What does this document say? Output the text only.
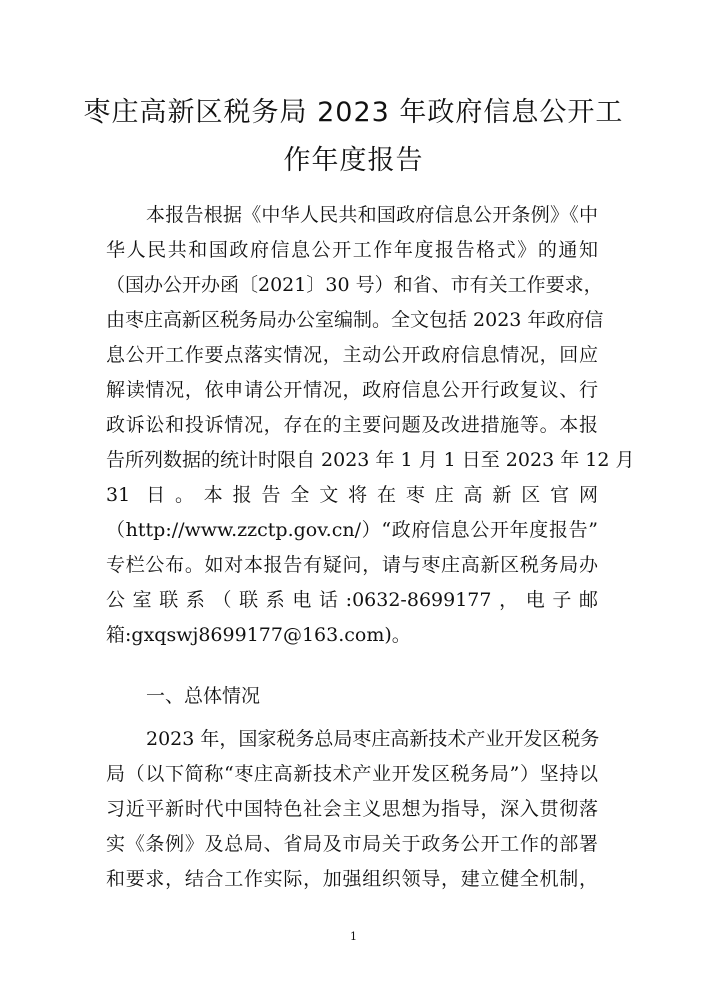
枣庄高新区税务局 2023 年政府信息公开工
作年度报告
本报告根据《中华人民共和国政府信息公开条例》《中
华人民共和国政府信息公开工作年度报告格式》的通知
（国办公开办函〔2021〕30 号）和省、市有关工作要求，
由枣庄高新区税务局办公室编制。全文包括 2023 年政府信
息公开工作要点落实情况，主动公开政府信息情况，回应
解读情况，依申请公开情况，政府信息公开行政复议、行
政诉讼和投诉情况，存在的主要问题及改进措施等。本报
告所列数据的统计时限自 2023 年 1 月 1 日至 2023 年 12 月
31 日。本报告全文将在枣庄高新区官网
（http://www.zzctp.gov.cn/）“政府信息公开年度报告”
专栏公布。如对本报告有疑问，请与枣庄高新区税务局办
公室联系（联系电话:0632-8699177，电子邮
箱:gxqswj8699177@163.com)。
一、总体情况
2023 年，国家税务总局枣庄高新技术产业开发区税务
局（以下简称“枣庄高新技术产业开发区税务局”）坚持以
习近平新时代中国特色社会主义思想为指导，深入贯彻落
实《条例》及总局、省局及市局关于政务公开工作的部署
和要求，结合工作实际，加强组织领导，建立健全机制，
1
